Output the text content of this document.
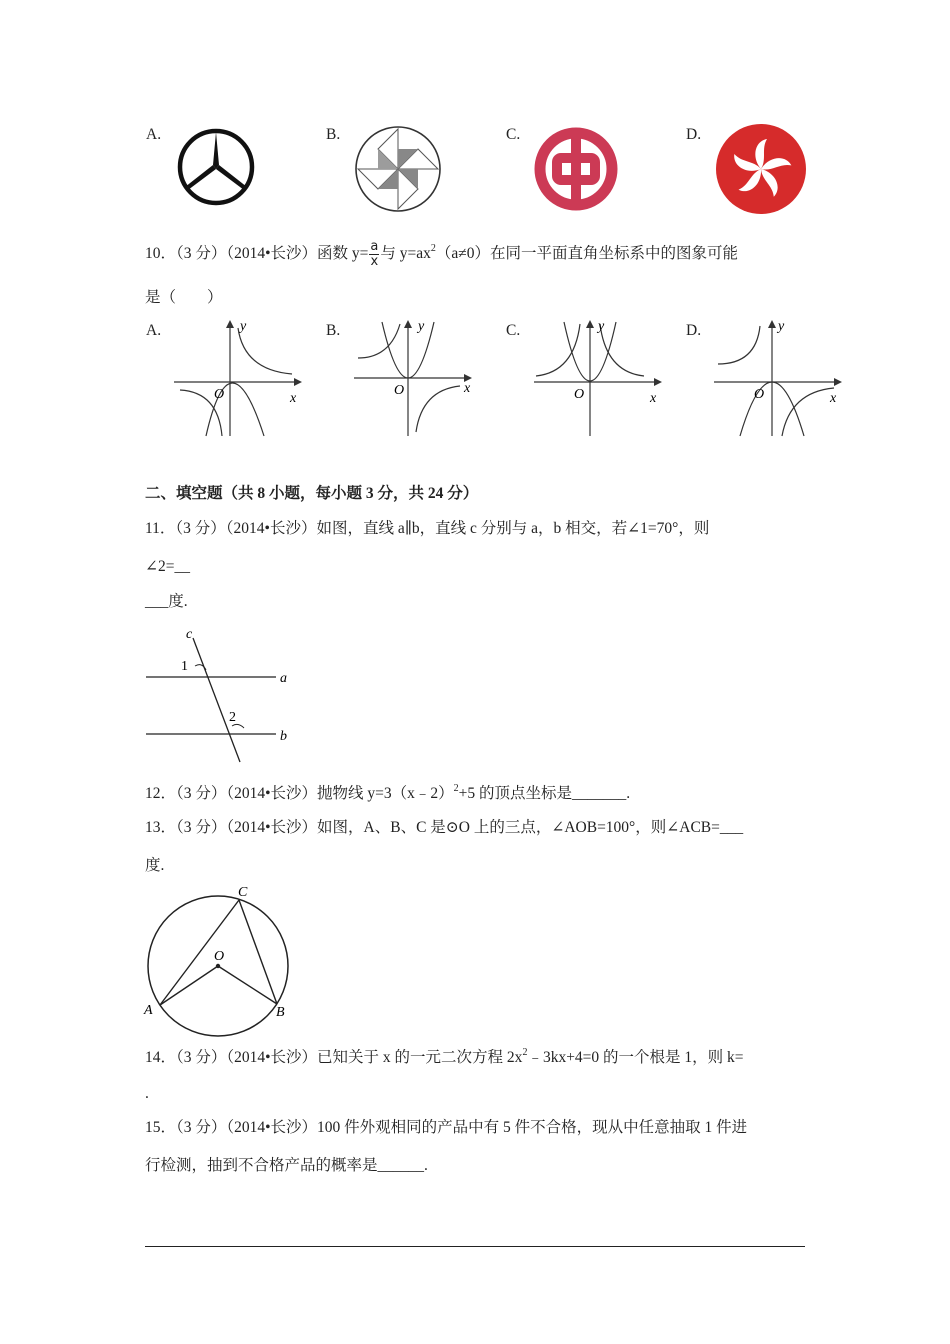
A.	B.	C.	D.
10．（3 分）（2014•长沙）函数 $y= \frac{a}{x}$ 与 $y=ax^2(a\ne 0)$在同一平面直角坐标系中的图象可能
是（　　）
A.	y
x
O
B.	y
x
O
C.	y
x
O
D.	y
x
O
二、填空题（共 8 小题，每小题 3 分，共 24 分）
11．（3 分）（2014•长沙）如图，直线 a∥b，直线 c 分别与 a，b 相交，若∠1=70°，则
∠2=__
___度.
c
a
b
1
2
12．（3 分）（2014•长沙）抛物线 y=3（x﹣2）$^2$+5 的顶点坐标是_______.
13．（3 分）（2014•长沙）如图，A、B、C 是⊙O 上的三点，∠AOB=100°，则∠ACB=___
度.
C
O
A	B
14．（3 分）（2014•长沙）已知关于 x 的一元二次方程 $2x^2﹣3kx+4=0$ 的一个根是 1，则 k=
.
15．（3 分）（2014•长沙）100 件外观相同的产品中有 5 件不合格，现从中任意抽取 1 件进
行检测，抽到不合格产品的概率是______.
